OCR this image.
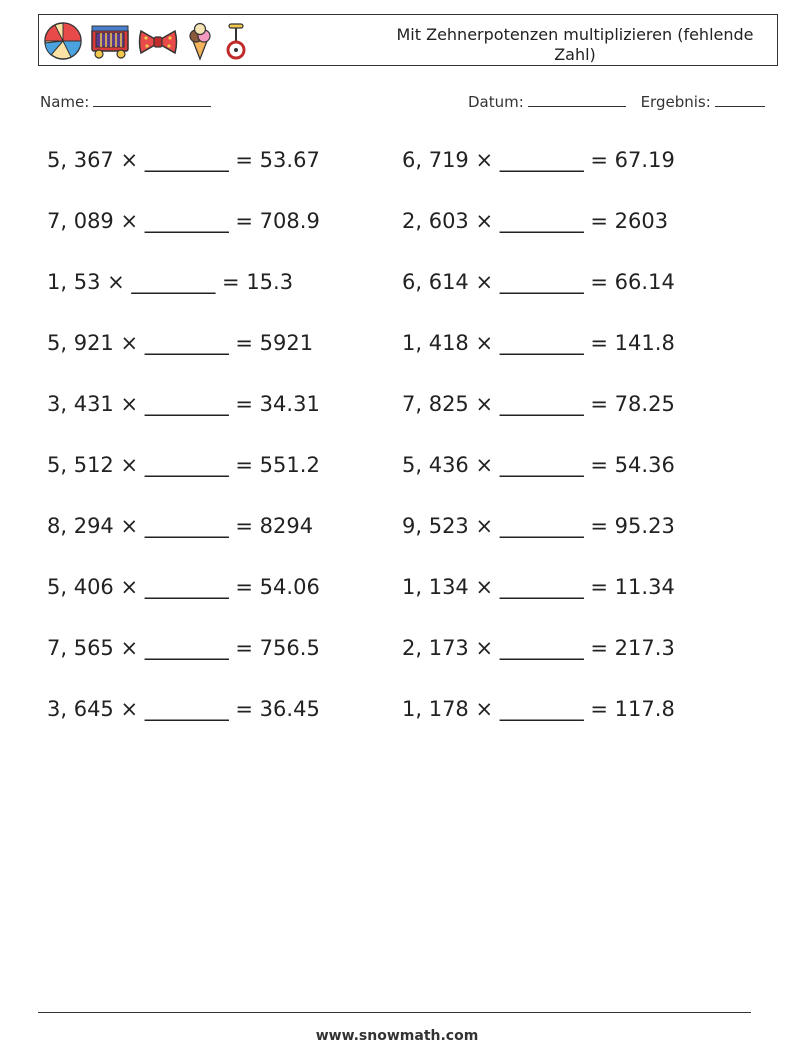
Mit Zehnerpotenzen multiplizieren (fehlende Zahl)
Name:	Datum:	Ergebnis:
5, 367 × ________ = 53.67	6, 719 × ________ = 67.19
7, 089 × ________ = 708.9	2, 603 × ________ = 2603
1, 53 × ________ = 15.3	6, 614 × ________ = 66.14
5, 921 × ________ = 5921	1, 418 × ________ = 141.8
3, 431 × ________ = 34.31	7, 825 × ________ = 78.25
5, 512 × ________ = 551.2	5, 436 × ________ = 54.36
8, 294 × ________ = 8294	9, 523 × ________ = 95.23
5, 406 × ________ = 54.06	1, 134 × ________ = 11.34
7, 565 × ________ = 756.5	2, 173 × ________ = 217.3
3, 645 × ________ = 36.45	1, 178 × ________ = 117.8
www.snowmath.com
